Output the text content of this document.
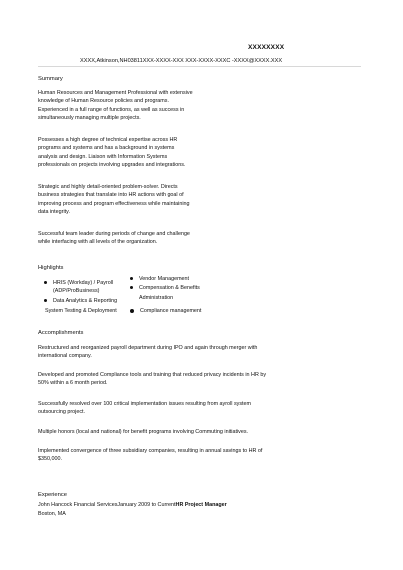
XXXXXXXX
XXXX,Atkinson,NH03811XXX-XXXX-XXX XXX-XXXX-XXXC -XXXX@XXXX.XXX
Summary
Human Resources and Management Professional with extensive
knowledge of Human Resource policies and programs.
Experienced in a full range of functions, as well as success in
simultaneously managing multiple projects.
Possesses a high degree of technical expertise across HR
programs and systems and has a background in systems
analysis and design. Liaison with Information Systems
professionals on projects involving upgrades and integrations.
Strategic and highly detail-oriented problem-solver. Directs
business strategies that translate into HR actions with goal of
improving process and program effectiveness while maintaining
data integrity.
Successful team leader during periods of change and challenge
while interfacing with all levels of the organization.
Highlights
HRIS (Workday) / Payroll
(ADP/ProBusiness)
Data Analytics & Reporting
System Testing & Deployment
Vendor Management
Compensation & Benefits
Administration
Compliance management
Accomplishments
Restructured and reorganized payroll department during IPO and again through merger with
international company.
Developed and promoted Compliance tools and training that reduced privacy incidents in HR by
50% within a 6 month period.
Successfully resolved over 100 critical implementation issues resulting from ayroll system
outsourcing project.
Multiple honors (local and national) for benefit programs involving Commuting initiatives.
Implemented convergence of three subsidiary companies, resulting in annual savings to HR of
$350,000.
Experience
John Hancock Financial ServicesJanuary 2009 to CurrentHR Project Manager
Boston, MA
